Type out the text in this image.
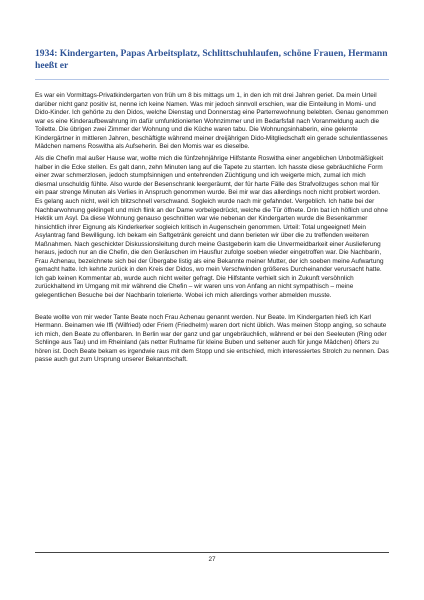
1934: Kindergarten, Papas Arbeitsplatz, Schlittschuhlaufen, schöne Frauen, Hermann heeßt er

Es war ein Vormittags-Privatkindergarten von früh um 8 bis mittags um 1, in den ich mit drei Jahren geriet. Da mein Urteil darüber nicht ganz positiv ist, nenne ich keine Namen. Was mir jedoch sinnvoll erschien, war die Einteilung in Momi- und Dido-Kinder. Ich gehörte zu den Didos, welche Dienstag und Donnerstag eine Parterrewohnung belebten. Genau genommen war es eine Kinderaufbewahrung im dafür umfunktionierten Wohnzimmer und im Bedarfsfall nach Voranmeldung auch die Toilette. Die übrigen zwei Zimmer der Wohnung und die Küche waren tabu. Die Wohnungsinhaberin, eine gelernte Kindergärtner in mittleren Jahren, beschäftigte während meiner dreijährigen Dido-Mitgliedschaft ein gerade schulentlassenes Mädchen namens Roswitha als Aufseherin. Bei den Momis war es dieselbe.

Als die Chefin mal außer Hause war, wollte mich die fünfzehnjährige Hilfstante Roswitha einer angeblichen Unbotmäßigkeit halber in die Ecke stellen. Es galt dann, zehn Minuten lang auf die Tapete zu starrten. Ich hasste diese gebräuchliche Form einer zwar schmerzlosen, jedoch stumpfsinnigen und entehrenden Züchtigung und ich weigerte mich, zumal ich mich diesmal unschuldig fühlte. Also wurde der Besenschrank leergeräumt, der für harte Fälle des Strafvollzuges schon mal für ein paar strenge Minuten als Verlies in Anspruch genommen wurde. Bei mir war das allerdings noch nicht probiert worden. Es gelang auch nicht, weil ich blitzschnell verschwand. Sogleich wurde nach mir gefahndet. Vergeblich. Ich hatte bei der Nachbarwohnung geklingelt und mich flink an der Dame vorbeigedrückt, welche die Tür öffnete. Drin bat ich höflich und ohne Hektik um Asyl. Da diese Wohnung genauso geschnitten war wie nebenan der Kindergarten wurde die Besenkammer hinsichtlich ihrer Eignung als Kinderkerker sogleich kritisch in Augenschein genommen. Urteil: Total ungeeignet! Mein Asylantrag fand Bewilligung. Ich bekam ein Saftgetränk gereicht und dann berieten wir über die zu treffenden weiteren Maßnahmen. Nach geschickter Diskussionsleitung durch meine Gastgeberin kam die Unvermeidbarkeit einer Auslieferung heraus, jedoch nur an die Chefin, die den Geräuschen im Hausflur zufolge soeben wieder eingetroffen war. Die Nachbarin, Frau Achenau, bezeichnete sich bei der Übergabe listig als eine Bekannte meiner Mutter, der ich soeben meine Aufwartung gemacht hatte. Ich kehrte zurück in den Kreis der Didos, wo mein Verschwinden größeres Durcheinander verursacht hatte. Ich gab keinen Kommentar ab, wurde auch nicht weiter gefragt. Die Hilfstante verhielt sich in Zukunft versöhnlich zurückhaltend im Umgang mit mir während die Chefin – wir waren uns von Anfang an nicht sympathisch – meine gelegentlichen Besuche bei der Nachbarin tolerierte. Wobei ich mich allerdings vorher abmelden musste.

Beate wollte von mir weder Tante Beate noch Frau Achenau genannt werden. Nur Beate. Im Kindergarten hieß ich Karl Hermann. Beinamen wie Iffi (Wilfried) oder Friem (Friedhelm) waren dort nicht üblich. Was meinen Stopp anging, so schaute ich mich, den Beate zu offenbaren. In Berlin war der ganz und gar ungebräuchlich, während er bei den Seeleuten (Ring oder Schlinge aus Tau) und im Rheinland (als netter Rufname für kleine Buben und seltener auch für junge Mädchen) öfters zu hören ist. Doch Beate bekam es irgendwie raus mit dem Stopp und sie entschied, mich interessiertes Strolch zu nennen. Das passe auch gut zum Ursprung unserer Bekanntschaft.

27
